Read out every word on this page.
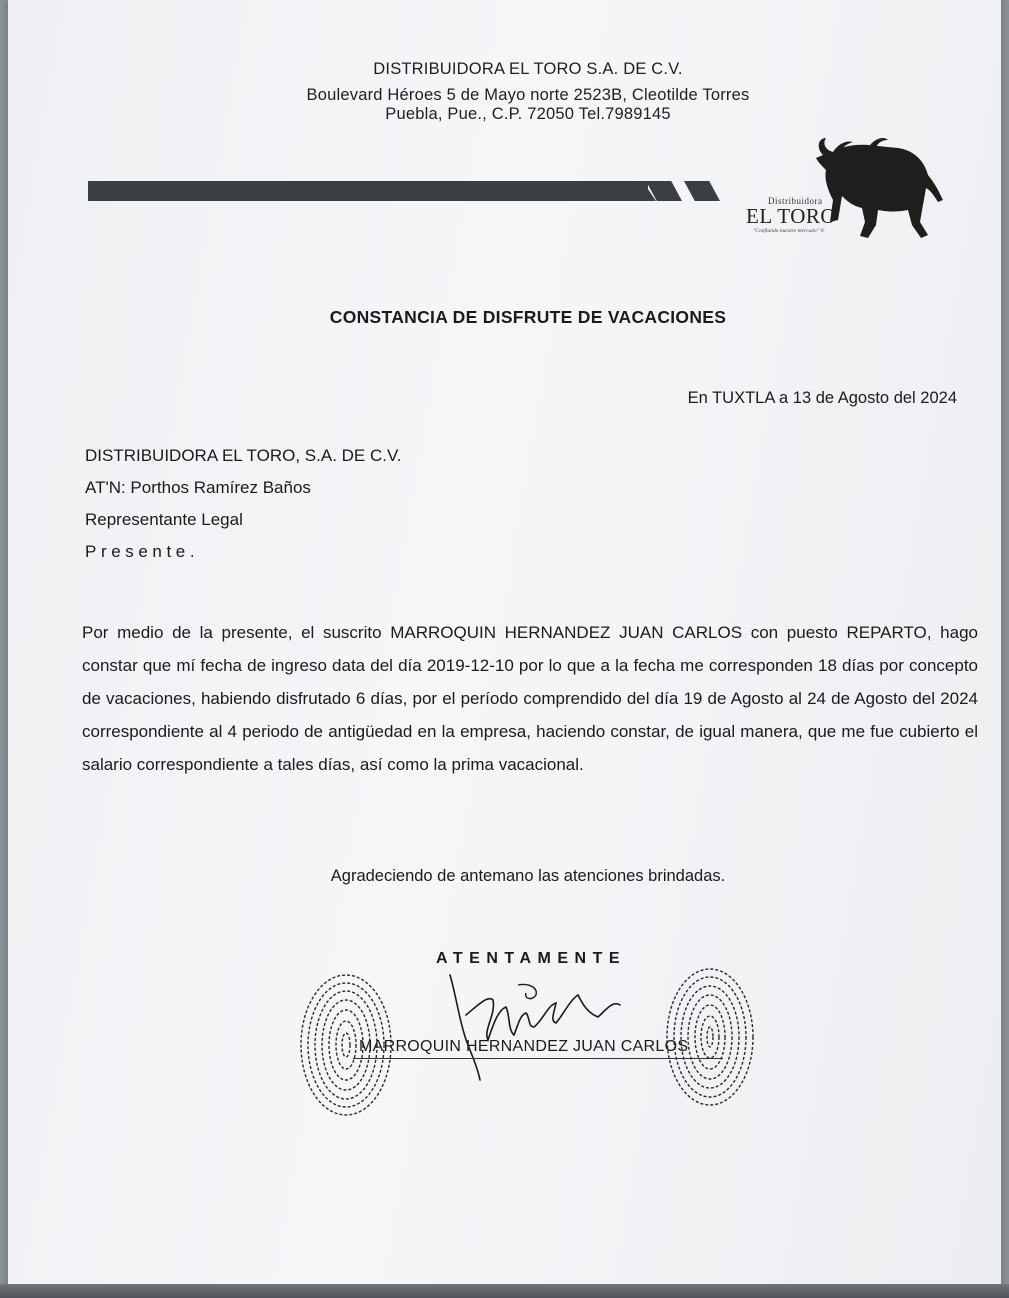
DISTRIBUIDORA EL TORO S.A. DE C.V.
Boulevard Héroes 5 de Mayo norte 2523B, Cleotilde Torres
Puebla, Pue., C.P. 72050 Tel.7989145
Distribuidora
EL TORO
"Confiando nuestro mercado" ®
CONSTANCIA DE DISFRUTE DE VACACIONES
En TUXTLA a 13 de Agosto del 2024
DISTRIBUIDORA EL TORO, S.A. DE C.V.
AT'N: Porthos Ramírez Baños
Representante Legal
Presente.
Por medio de la presente, el suscrito MARROQUIN HERNANDEZ JUAN CARLOS con puesto REPARTO, hago constar que mí fecha de ingreso data del día 2019-12-10 por lo que a la fecha me corresponden 18 días por concepto de vacaciones, habiendo disfrutado 6 días, por el período comprendido del día 19 de Agosto al 24 de Agosto del 2024 correspondiente al 4 periodo de antigüedad en la empresa, haciendo constar, de igual manera, que me fue cubierto el salario correspondiente a tales días, así como la prima vacacional.
Agradeciendo de antemano las atenciones brindadas.
ATENTAMENTE
MARROQUIN HERNANDEZ JUAN CARLOS
